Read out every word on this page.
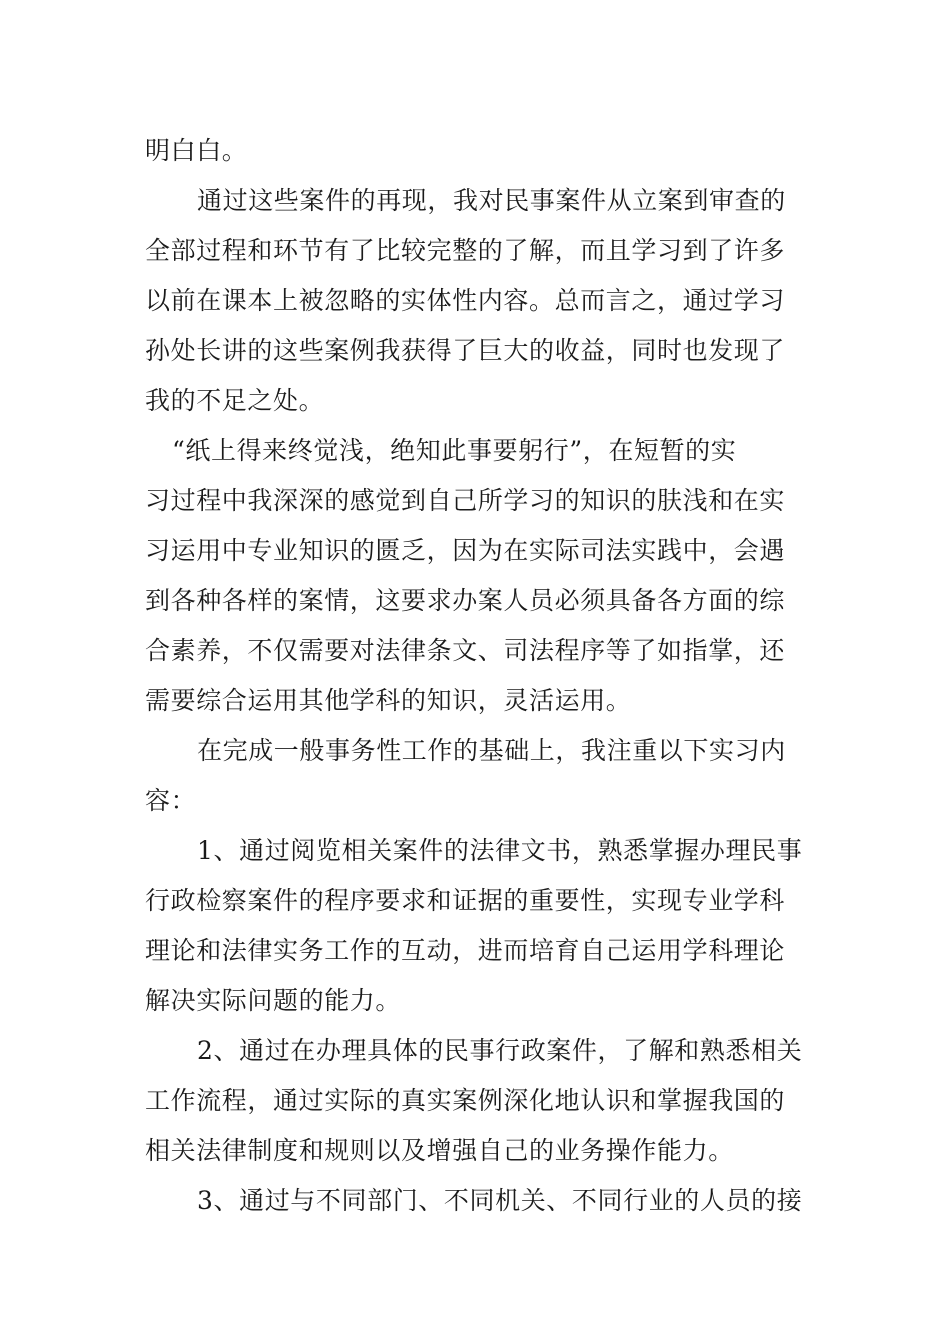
明白白。
通过这些案件的再现，我对民事案件从立案到审查的
全部过程和环节有了比较完整的了解，而且学习到了许多
以前在课本上被忽略的实体性内容。总而言之，通过学习
孙处长讲的这些案例我获得了巨大的收益，同时也发现了
我的不足之处。
“纸上得来终觉浅，绝知此事要躬行”，在短暂的实
习过程中我深深的感觉到自己所学习的知识的肤浅和在实
习运用中专业知识的匮乏，因为在实际司法实践中，会遇
到各种各样的案情，这要求办案人员必须具备各方面的综
合素养，不仅需要对法律条文、司法程序等了如指掌，还
需要综合运用其他学科的知识，灵活运用。
在完成一般事务性工作的基础上，我注重以下实习内
容：
1、通过阅览相关案件的法律文书，熟悉掌握办理民事
行政检察案件的程序要求和证据的重要性，实现专业学科
理论和法律实务工作的互动，进而培育自己运用学科理论
解决实际问题的能力。
2、通过在办理具体的民事行政案件，了解和熟悉相关
工作流程，通过实际的真实案例深化地认识和掌握我国的
相关法律制度和规则以及增强自己的业务操作能力。
3、通过与不同部门、不同机关、不同行业的人员的接
